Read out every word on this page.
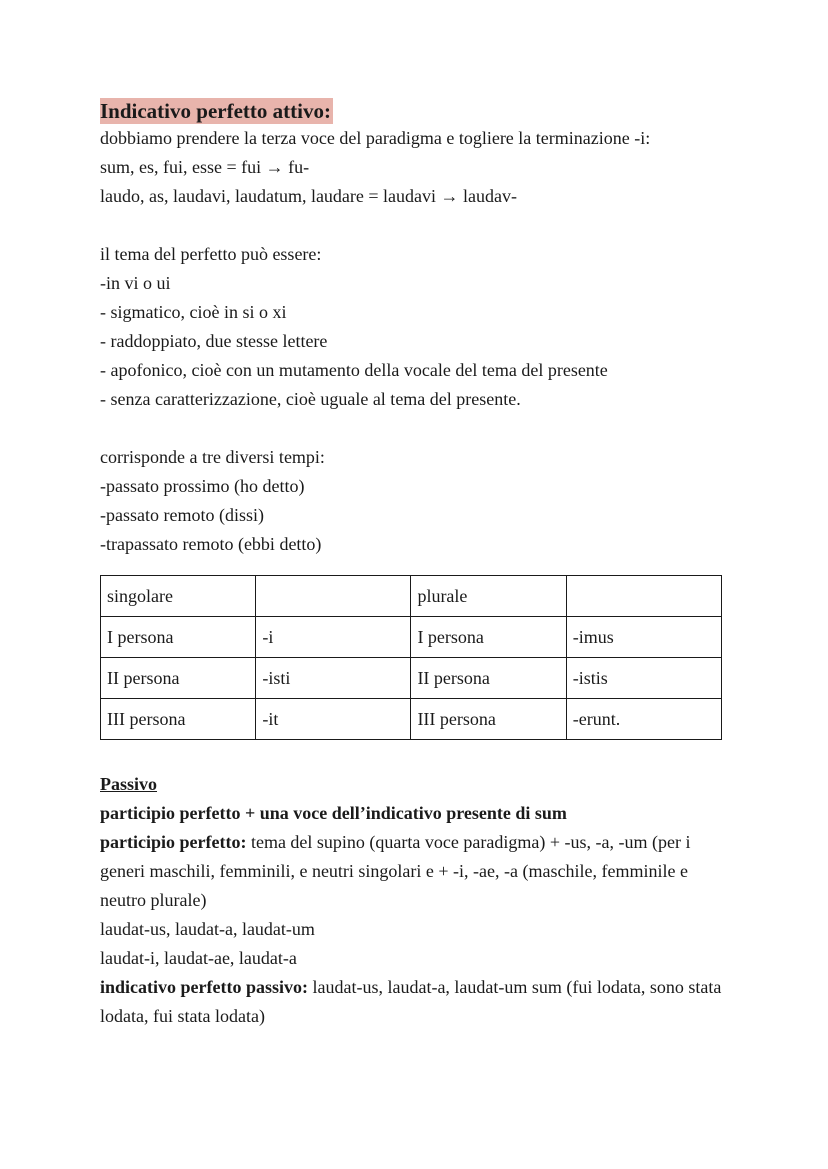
Indicativo perfetto attivo:
dobbiamo prendere la terza voce del paradigma e togliere la terminazione -i:
sum, es, fui, esse = fui → fu-
laudo, as, laudavi, laudatum, laudare = laudavi → laudav-
il tema del perfetto può essere:
-in vi o ui
- sigmatico, cioè in si o xi
- raddoppiato, due stesse lettere
- apofonico, cioè con un mutamento della vocale del tema del presente
- senza caratterizzazione, cioè uguale al tema del presente.
corrisponde a tre diversi tempi:
-passato prossimo (ho detto)
-passato remoto (dissi)
-trapassato remoto (ebbi detto)
singolare		plurale	
I persona	-i	I persona	-imus
II persona	-isti	II persona	-istis
III persona	-it	III persona	-erunt.
Passivo
participio perfetto + una voce dell’indicativo presente di sum
participio perfetto: tema del supino (quarta voce paradigma) + -us, -a, -um (per i generi maschili, femminili, e neutri singolari e + -i, -ae, -a (maschile, femminile e neutro plurale)
laudat-us, laudat-a, laudat-um
laudat-i, laudat-ae, laudat-a
indicativo perfetto passivo: laudat-us, laudat-a, laudat-um sum (fui lodata, sono stata lodata, fui stata lodata)
